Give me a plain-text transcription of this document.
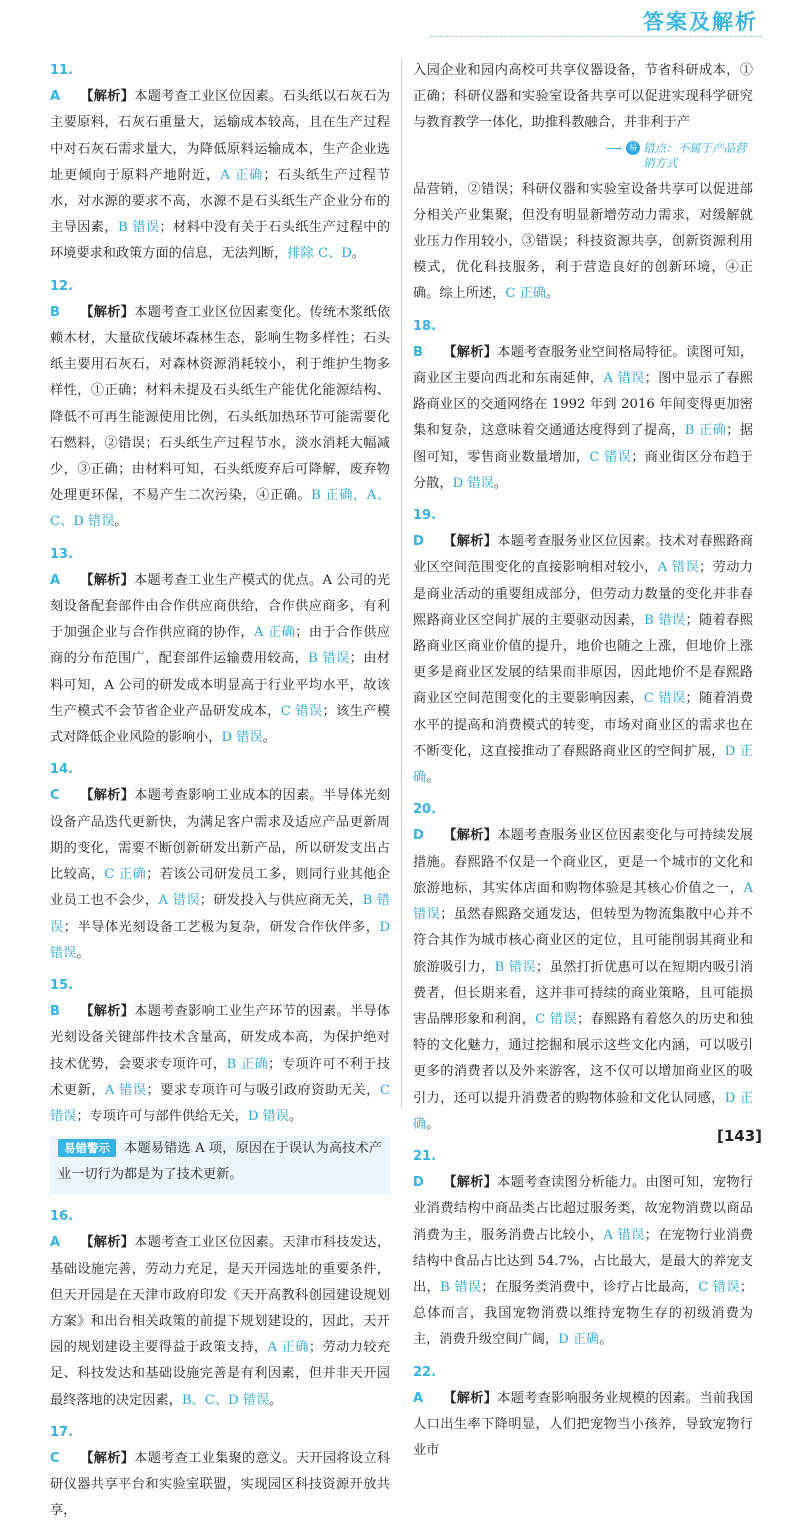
答案及解析
11. A 【解析】本题考查工业区位因素。石头纸以石灰石为主要原料，石灰石重量大，运输成本较高，且在生产过程中对石灰石需求量大，为降低原料运输成本，生产企业选址更倾向于原料产地附近，A 正确；石头纸生产过程节水，对水源的要求不高，水源不是石头纸生产企业分布的主导因素，B 错误；材料中没有关于石头纸生产过程中的环境要求和政策方面的信息，无法判断，排除 C、D。
12. B 【解析】本题考查工业区位因素变化。传统木浆纸依赖木材，大量砍伐破坏森林生态，影响生物多样性；石头纸主要用石灰石，对森林资源消耗较小，利于维护生物多样性，①正确；材料未提及石头纸生产能优化能源结构、降低不可再生能源使用比例，石头纸加热环节可能需要化石燃料，②错误；石头纸生产过程节水，淡水消耗大幅减少，③正确；由材料可知，石头纸废弃后可降解，废弃物处理更环保，不易产生二次污染，④正确。B 正确，A、C、D 错误。
13. A 【解析】本题考查工业生产模式的优点。A 公司的光刻设备配套部件由合作供应商供给，合作供应商多，有利于加强企业与合作供应商的协作，A 正确；由于合作供应商的分布范围广，配套部件运输费用较高，B 错误；由材料可知，A 公司的研发成本明显高于行业平均水平，故该生产模式不会节省企业产品研发成本，C 错误；该生产模式对降低企业风险的影响小，D 错误。
14. C 【解析】本题考查影响工业成本的因素。半导体光刻设备产品迭代更新快，为满足客户需求及适应产品更新周期的变化，需要不断创新研发出新产品，所以研发支出占比较高，C 正确；若该公司研发员工多，则同行业其他企业员工也不会少，A 错误；研发投入与供应商无关，B 错误；半导体光刻设备工艺极为复杂，研发合作伙伴多，D 错误。
15. B 【解析】本题考查影响工业生产环节的因素。半导体光刻设备关键部件技术含量高，研发成本高，为保护绝对技术优势，会要求专项许可，B 正确；专项许可不利于技术更新，A 错误；要求专项许可与吸引政府资助无关，C 错误；专项许可与部件供给无关，D 错误。
易错警示 本题易错选 A 项，原因在于误认为高技术产业一切行为都是为了技术更新。
16. A 【解析】本题考查工业区位因素。天津市科技发达，基础设施完善，劳动力充足，是天开园选址的重要条件，但天开园是在天津市政府印发《天开高教科创园建设规划方案》和出台相关政策的前提下规划建设的，因此，天开园的规划建设主要得益于政策支持，A 正确；劳动力较充足、科技发达和基础设施完善是有利因素，但并非天开园最终落地的决定因素，B、C、D 错误。
17. C 【解析】本题考查工业集聚的意义。天开园将设立科研仪器共享平台和实验室联盟，实现园区科技资源开放共享，
入园企业和园内高校可共享仪器设备，节省科研成本，①正确；科研仪器和实验室设备共享可以促进实现科学研究与教育教学一体化，助推科教融合，并非利于产
⟶ 易 错点：不属于产品营销方式
品营销，②错误；科研仪器和实验室设备共享可以促进部分相关产业集聚，但没有明显新增劳动力需求，对缓解就业压力作用较小，③错误；科技资源共享，创新资源利用模式，优化科技服务，利于营造良好的创新环境，④正确。综上所述，C 正确。
18. B 【解析】本题考查服务业空间格局特征。读图可知，商业区主要向西北和东南延伸，A 错误；图中显示了春熙路商业区的交通网络在 1992 年到 2016 年间变得更加密集和复杂，这意味着交通通达度得到了提高，B 正确；据图可知，零售商业数量增加，C 错误；商业街区分布趋于分散，D 错误。
19. D 【解析】本题考查服务业区位因素。技术对春熙路商业区空间范围变化的直接影响相对较小，A 错误；劳动力是商业活动的重要组成部分，但劳动力数量的变化并非春熙路商业区空间扩展的主要驱动因素，B 错误；随着春熙路商业区商业价值的提升，地价也随之上涨，但地价上涨更多是商业区发展的结果而非原因，因此地价不是春熙路商业区空间范围变化的主要影响因素，C 错误；随着消费水平的提高和消费模式的转变，市场对商业区的需求也在不断变化，这直接推动了春熙路商业区的空间扩展，D 正确。
20. D 【解析】本题考查服务业区位因素变化与可持续发展措施。春熙路不仅是一个商业区，更是一个城市的文化和旅游地标，其实体店面和购物体验是其核心价值之一，A 错误；虽然春熙路交通发达，但转型为物流集散中心并不符合其作为城市核心商业区的定位，且可能削弱其商业和旅游吸引力，B 错误；虽然打折优惠可以在短期内吸引消费者，但长期来看，这并非可持续的商业策略，且可能损害品牌形象和利润，C 错误；春熙路有着悠久的历史和独特的文化魅力，通过挖掘和展示这些文化内涵，可以吸引更多的消费者以及外来游客，这不仅可以增加商业区的吸引力，还可以提升消费者的购物体验和文化认同感，D 正确。
21. D 【解析】本题考查读图分析能力。由图可知，宠物行业消费结构中商品类占比超过服务类，故宠物消费以商品消费为主，服务消费占比较小，A 错误；在宠物行业消费结构中食品占比达到 54.7%，占比最大，是最大的养宠支出，B 错误；在服务类消费中，诊疗占比最高，C 错误；总体而言，我国宠物消费以维持宠物生存的初级消费为主，消费升级空间广阔，D 正确。
22. A 【解析】本题考查影响服务业规模的因素。当前我国人口出生率下降明显，人们把宠物当小孩养，导致宠物行业市
[143]
